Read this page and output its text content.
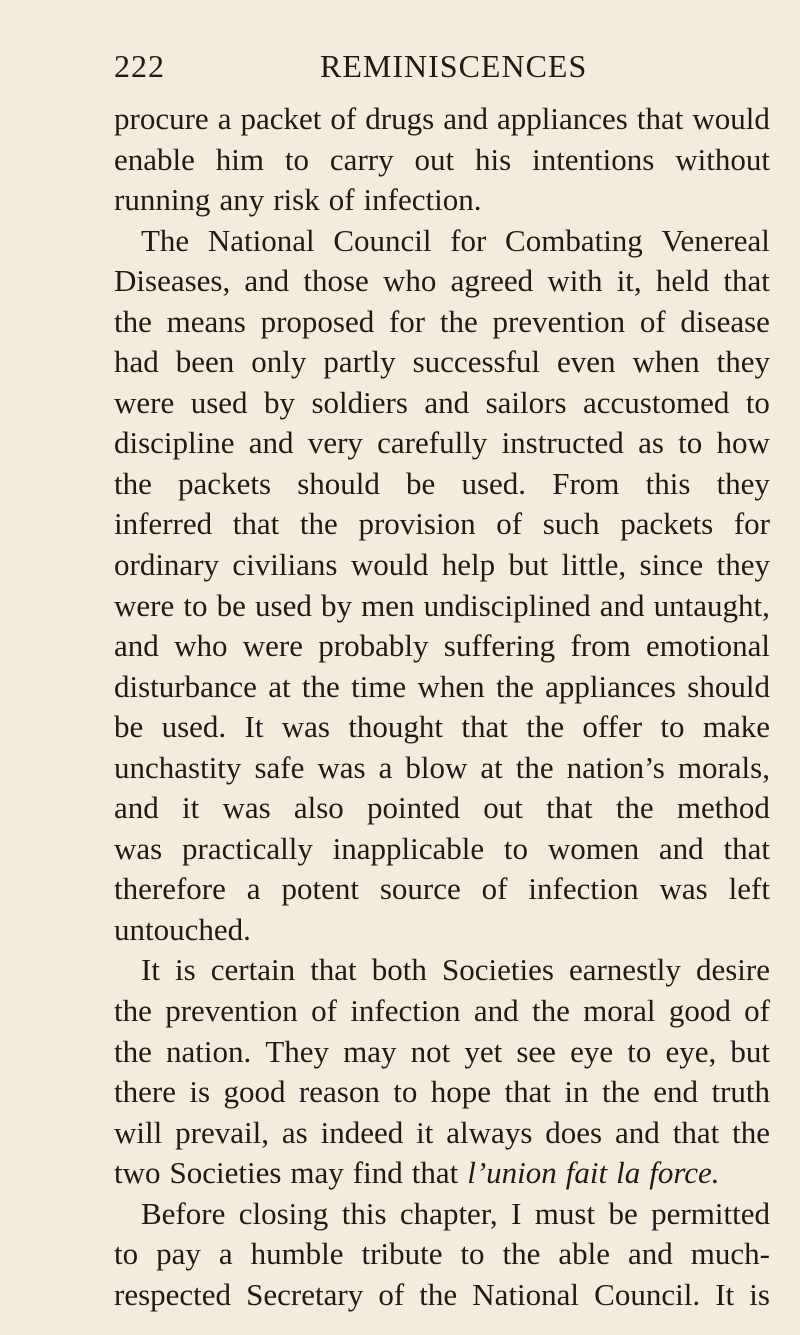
222	REMINISCENCES
procure a packet of drugs and appliances that would
enable him to carry out his intentions without
running any risk of infection.
The National Council for Combating Venereal
Diseases, and those who agreed with it, held that
the means proposed for the prevention of disease
had been only partly successful even when they
were used by soldiers and sailors accustomed to
discipline and very carefully instructed as to how
the packets should be used. From this they
inferred that the provision of such packets for
ordinary civilians would help but little, since they
were to be used by men undisciplined and untaught,
and who were probably suffering from emotional
disturbance at the time when the appliances should
be used. It was thought that the offer to make
unchastity safe was a blow at the nation’s morals,
and it was also pointed out that the method
was practically inapplicable to women and that
therefore a potent source of infection was left
untouched.
It is certain that both Societies earnestly desire
the prevention of infection and the moral good of
the nation. They may not yet see eye to eye, but
there is good reason to hope that in the end truth
will prevail, as indeed it always does and that the
two Societies may find that l’union fait la force.
Before closing this chapter, I must be permitted
to pay a humble tribute to the able and much-
respected Secretary of the National Council. It is
